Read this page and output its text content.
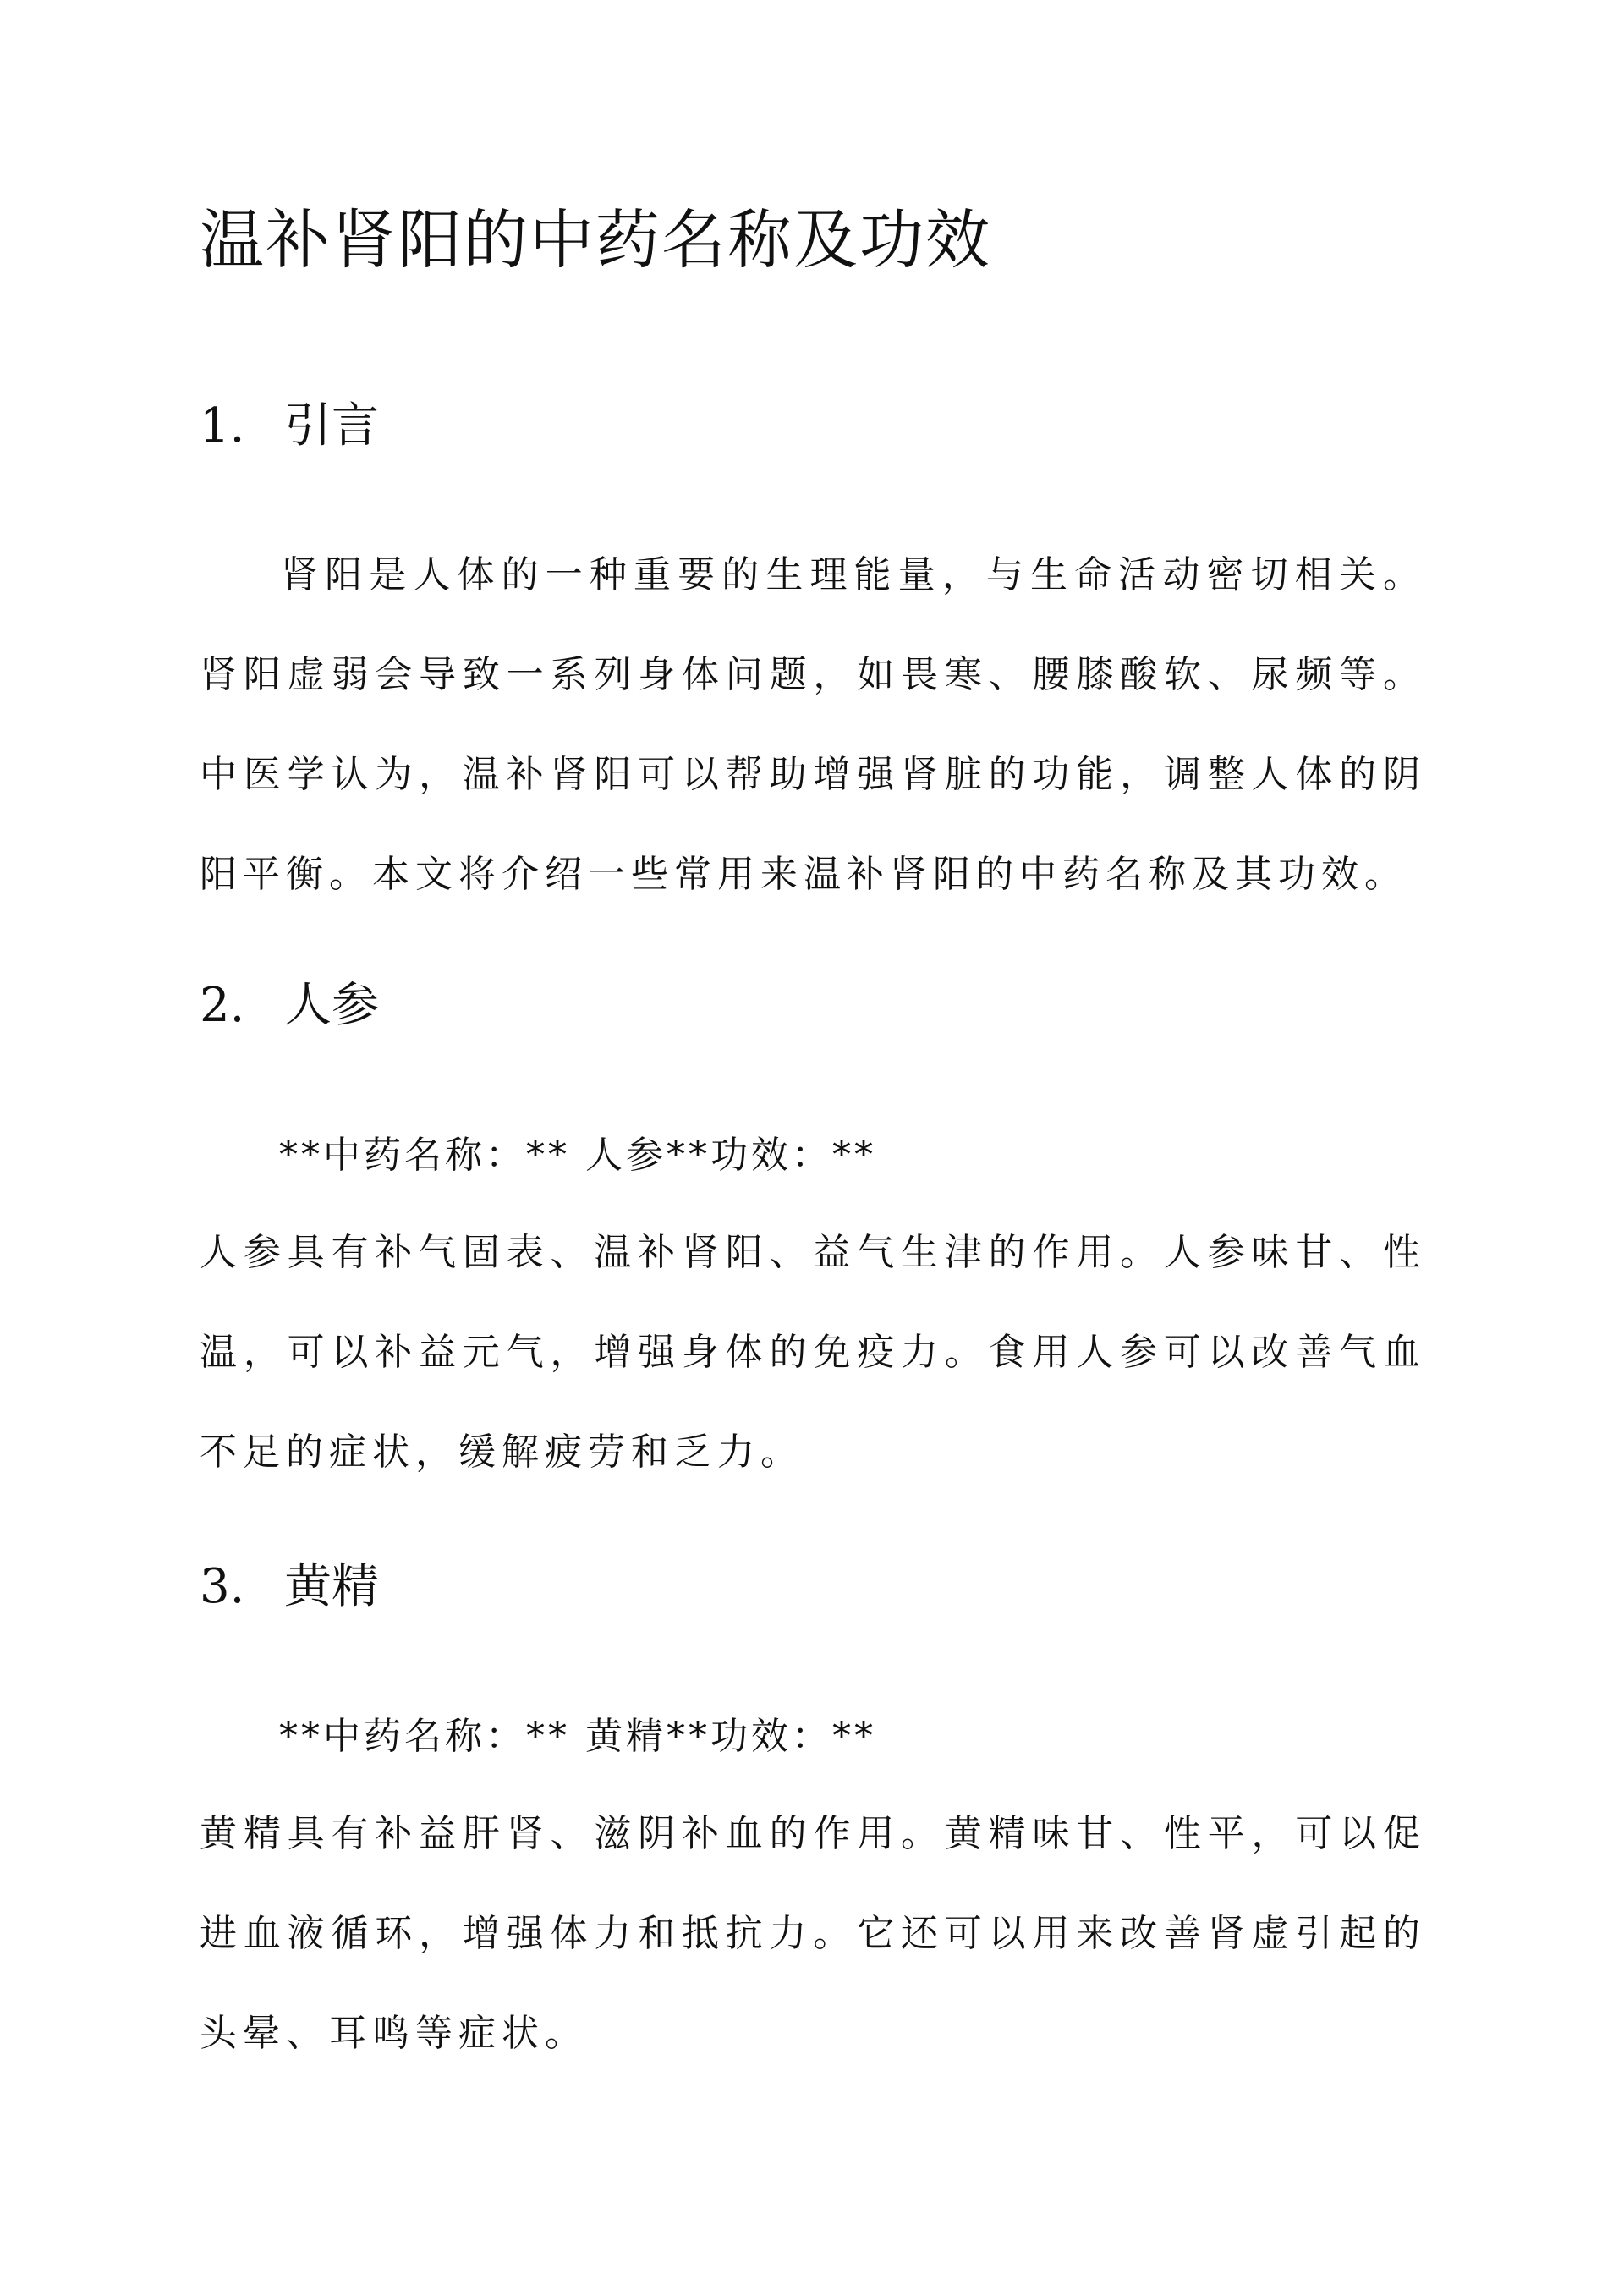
温补肾阳的中药名称及功效
1. 引言

肾阳是人体的一种重要的生理能量，与生命活动密切相关。肾阳虚弱会导致一系列身体问题，如畏寒、腰膝酸软、尿频等。中医学认为，温补肾阳可以帮助增强肾脏的功能，调整人体的阴阳平衡。本文将介绍一些常用来温补肾阳的中药名称及其功效。

2. 人参

**中药名称：** 人参**功效：**

人参具有补气固表、温补肾阳、益气生津的作用。人参味甘、性温，可以补益元气，增强身体的免疫力。食用人参可以改善气血不足的症状，缓解疲劳和乏力。

3. 黄精

**中药名称：** 黄精**功效：**

黄精具有补益肝肾、滋阴补血的作用。黄精味甘、性平，可以促进血液循环，增强体力和抵抗力。它还可以用来改善肾虚引起的头晕、耳鸣等症状。
